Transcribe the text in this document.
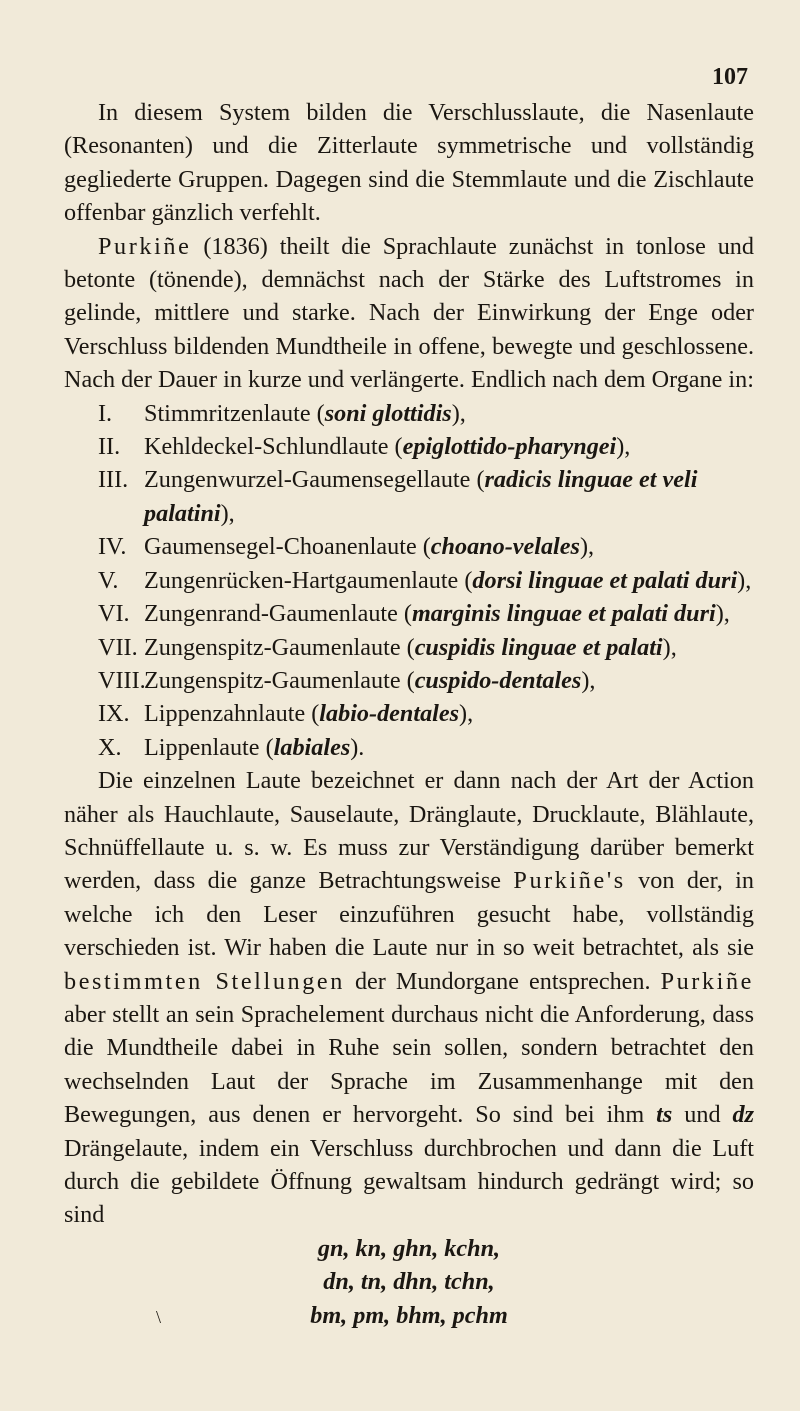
107

In diesem System bilden die Verschlusslaute, die Nasenlaute (Resonanten) und die Zitterlaute symmetrische und vollständig gegliederte Gruppen. Dagegen sind die Stemmlaute und die Zischlaute offenbar gänzlich verfehlt.

Purkiñe (1836) theilt die Sprachlaute zunächst in tonlose und betonte (tönende), demnächst nach der Stärke des Luftstromes in gelinde, mittlere und starke. Nach der Einwirkung der Enge oder Verschluss bildenden Mundtheile in offene, bewegte und geschlossene. Nach der Dauer in kurze und verlängerte. Endlich nach dem Organe in:

I. Stimmritzenlaute (soni glottidis),

II. Kehldeckel-Schlundlaute (epiglottido-pharyngei),

III. Zungenwurzel-Gaumensegellaute (radicis linguae et veli palatini),

IV. Gaumensegel-Choanenlaute (choano-velales),

V. Zungenrücken-Hartgaumenlaute (dorsi linguae et palati duri),

VI. Zungenrand-Gaumenlaute (marginis linguae et palati duri),

VII. Zungenspitz-Gaumenlaute (cuspidis linguae et palati),

VIII.Zungenspitz-Gaumenlaute (cuspido-dentales),

IX. Lippenzahnlaute (labio-dentales),

X. Lippenlaute (labiales).

Die einzelnen Laute bezeichnet er dann nach der Art der Action näher als Hauchlaute, Sauselaute, Dränglaute, Drucklaute, Blählaute, Schnüffellaute u. s. w. Es muss zur Verständigung darüber bemerkt werden, dass die ganze Betrachtungsweise Purkiñe's von der, in welche ich den Leser einzuführen gesucht habe, vollständig verschieden ist. Wir haben die Laute nur in so weit betrachtet, als sie bestimmten Stellungen der Mundorgane entsprechen. Purkiñe aber stellt an sein Sprachelement durchaus nicht die Anforderung, dass die Mundtheile dabei in Ruhe sein sollen, sondern betrachtet den wechselnden Laut der Sprache im Zusammenhange mit den Bewegungen, aus denen er hervorgeht. So sind bei ihm ts und dz Drängelaute, indem ein Verschluss durchbrochen und dann die Luft durch die gebildete Öffnung gewaltsam hindurch gedrängt wird; so sind

gn, kn, ghn, kchn,

dn, tn, dhn, tchn,

bm, pm, bhm, pchm

\
